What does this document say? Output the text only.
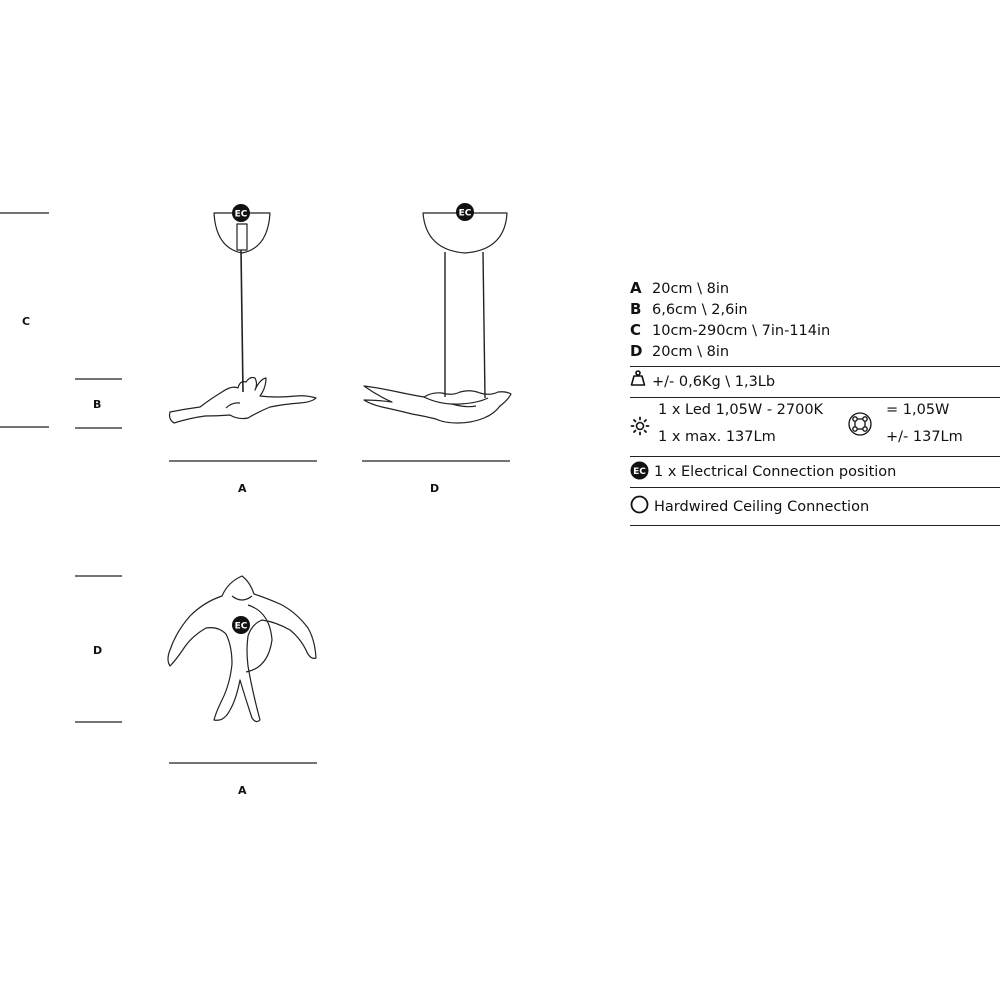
C
B
D
A	D
A
EC	EC
EC
A 20cm \ 8in
B 6,6cm \ 2,6in
C 10cm-290cm \ 7in-114in
D 20cm \ 8in
+/- 0,6Kg \ 1,3Lb
1 x Led 1,05W - 2700K
1 x max. 137Lm
= 1,05W
+/- 137Lm
EC 1 x Electrical Connection position
Hardwired Ceiling Connection
